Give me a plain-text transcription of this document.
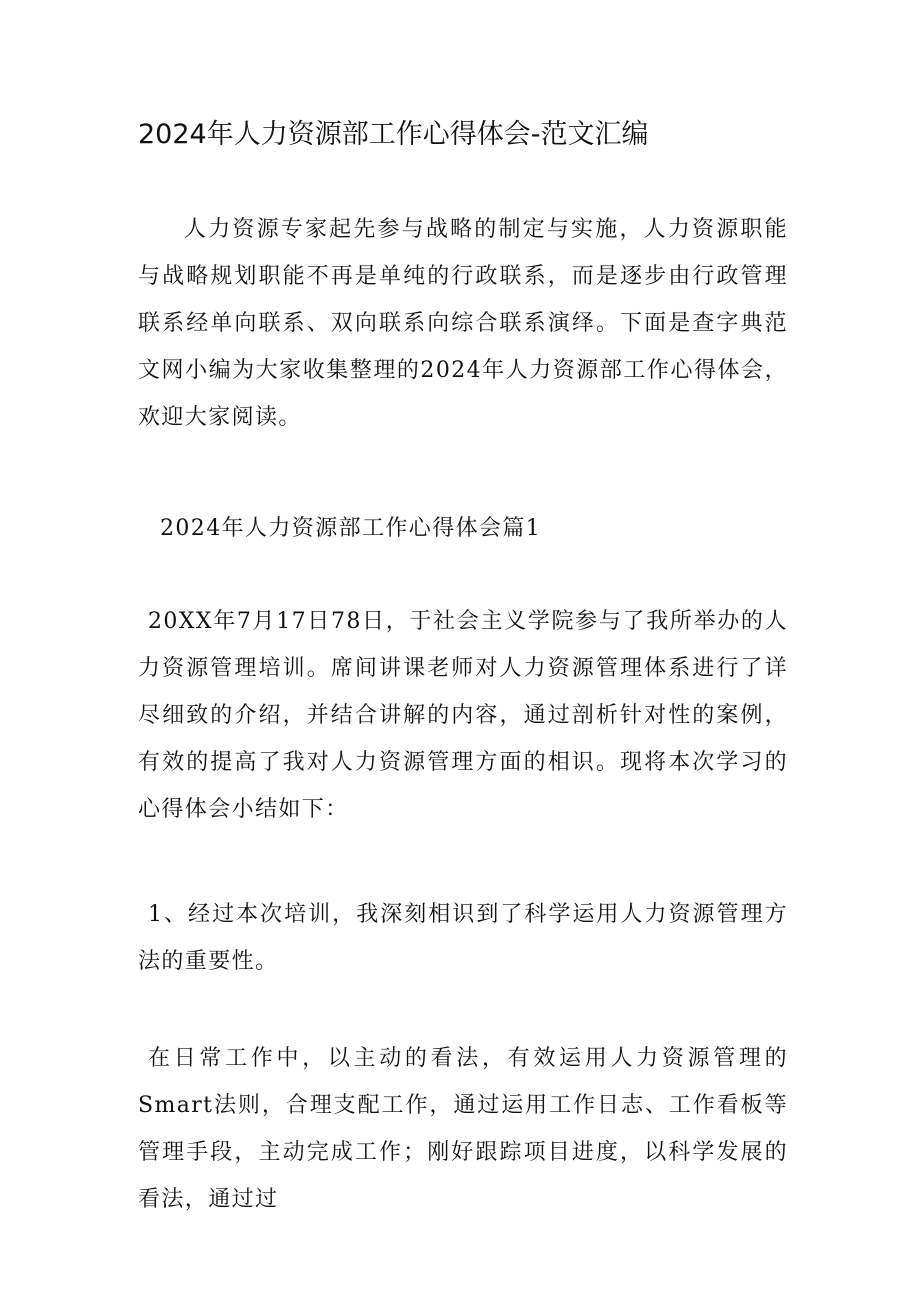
2024年人力资源部工作心得体会-范文汇编

人力资源专家起先参与战略的制定与实施，人力资源职能与战略规划职能不再是单纯的行政联系，而是逐步由行政管理联系经单向联系、双向联系向综合联系演绎。下面是查字典范文网小编为大家收集整理的2024年人力资源部工作心得体会，欢迎大家阅读。

2024年人力资源部工作心得体会篇1

20XX年7月17日78日，于社会主义学院参与了我所举办的人力资源管理培训。席间讲课老师对人力资源管理体系进行了详尽细致的介绍，并结合讲解的内容，通过剖析针对性的案例，有效的提高了我对人力资源管理方面的相识。现将本次学习的心得体会小结如下：

1、经过本次培训，我深刻相识到了科学运用人力资源管理方法的重要性。

在日常工作中，以主动的看法，有效运用人力资源管理的Smart法则，合理支配工作，通过运用工作日志、工作看板等管理手段，主动完成工作；刚好跟踪项目进度，以科学发展的看法，通过过
